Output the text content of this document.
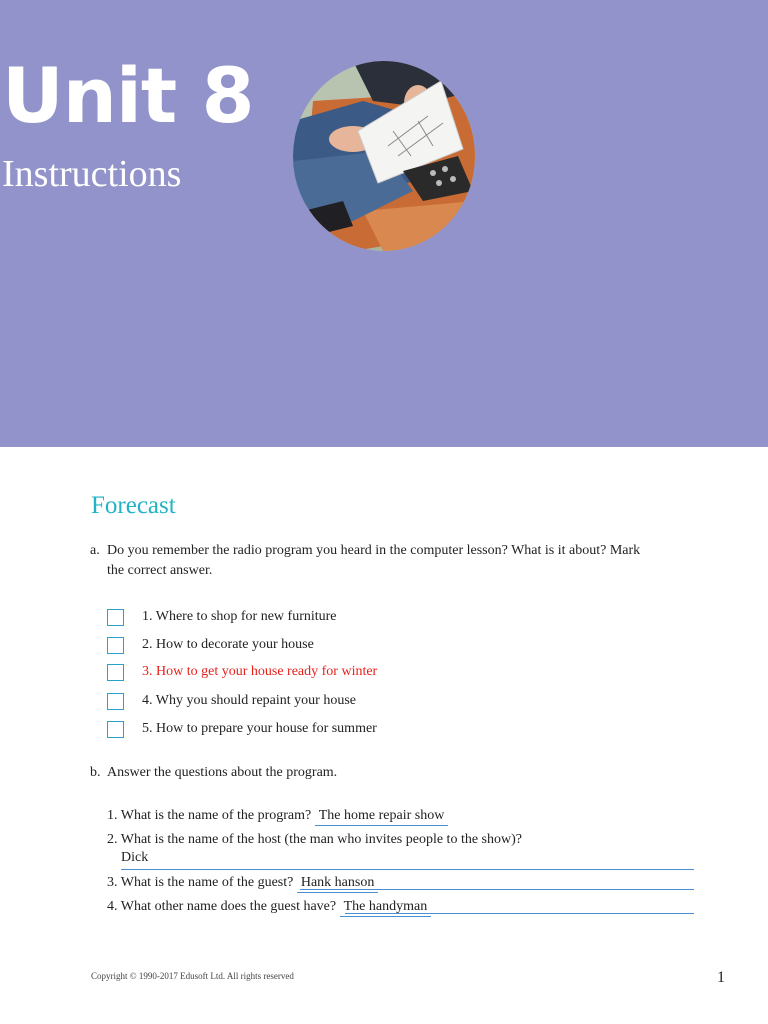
Unit 8
Instructions
Forecast

a. Do you remember the radio program you heard in the computer lesson? What is it about? Mark
the correct answer.

1. Where to shop for new furniture
2. How to decorate your house
3. How to get your house ready for winter
4. Why you should repaint your house
5. How to prepare your house for summer

b. Answer the questions about the program.

1. What is the name of the program? The home repair show
2. What is the name of the host (the man who invites people to the show)?
Dick
3. What is the name of the guest? Hank hanson
4. What other name does the guest have? The handyman
Copyright © 1990-2017 Edusoft Ltd. All rights reserved	1
